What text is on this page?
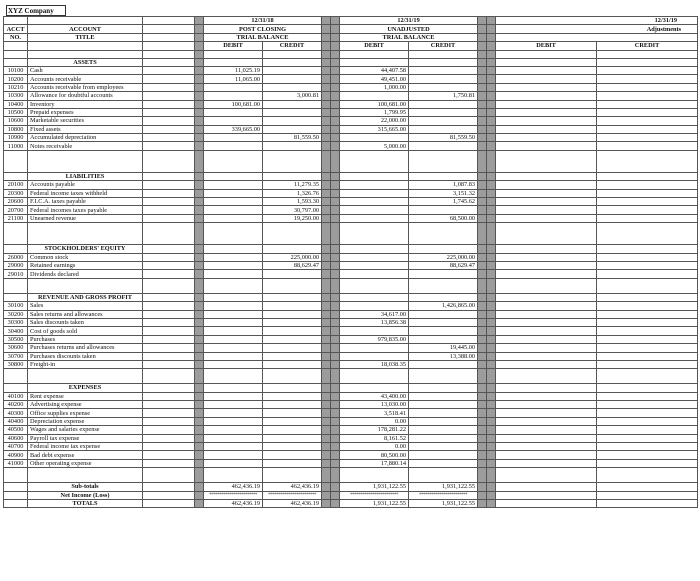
XYZ Company
				12/31/18				12/31/19				12/31/19	
ACCT	ACCOUNT			POST CLOSING				UNADJUSTED				Adjustments	
NO.	TITLE			TRIAL BALANCE				TRIAL BALANCE					
				DEBIT	CREDIT			DEBIT	CREDIT			DEBIT	CREDIT

	ASSETS												
10100	Cash			11,025.19				44,407.58					
10200	Accounts receivable			11,065.00				49,451.00					
10210	Accounts receivable from employees							1,000.00					
10300	Allowance for doubtful accounts				3,000.81				1,750.81				
10400	Inventory			100,681.00				100,681.00					
10500	Prepaid expenses							1,799.95					
10600	Marketable securities							22,000.00					
10800	Fixed assets			339,665.00				315,665.00					
10900	Accumulated depreciation				81,559.50				81,559.50				
11000	Notes receivable							5,000.00					

	LIABILITIES												
20100	Accounts payable				11,279.35				1,087.83				
20300	Federal income taxes withheld				1,326.76				3,151.32				
20600	F.I.C.A. taxes payable				1,593.30				1,745.62				
20700	Federal incomes taxes payable				30,797.00								
21100	Unearned revenue				19,250.00				68,500.00				

	STOCKHOLDERS' EQUITY												
26000	Common stock				225,000.00				225,000.00				
29000	Retained earnings				88,629.47				88,629.47				
29010	Dividends declared												

	REVENUE AND GROSS PROFIT												
30100	Sales								1,426,865.00				
30200	Sales returns and allowances							34,617.00					
30300	Sales discounts taken							13,856.38					
30400	Cost of goods sold												
30500	Purchases							979,835.00					
30600	Purchases returns and allowances								19,445.00				
30700	Purchases discounts taken								13,388.00				
30800	Freight-in							18,038.35					

	EXPENSES												
40100	Rent expense							43,400.00					
40200	Advertising expense							13,030.00					
40300	Office supplies expense							3,518.41					
40400	Depreciation expense							0.00					
40500	Wages and salaries expense							178,281.22					
40600	Payroll tax expense							8,161.52					
40700	Federal income tax expense							0.00					
40900	Bad debt expense							80,500.00					
41000	Other operating expense							17,880.14					

	Sub-totals			462,436.19	462,436.19			1,931,122.55	1,931,122.55				
	Net Income (Loss)			************************	************************			************************	************************				
	TOTALS			462,436.19	462,436.19			1,931,122.55	1,931,122.55				
